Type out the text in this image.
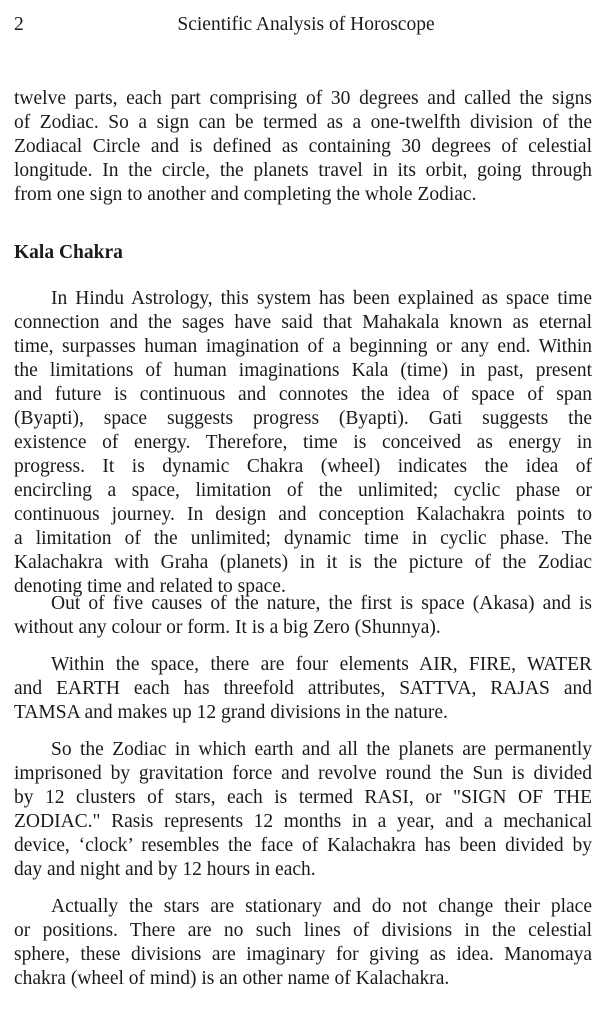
2	Scientific Analysis of Horoscope
twelve parts, each part comprising of 30 degrees and called the signs
of Zodiac. So a sign can be termed as a one-twelfth division of the
Zodiacal Circle and is defined as containing 30 degrees of celestial
longitude. In the circle, the planets travel in its orbit, going through
from one sign to another and completing the whole Zodiac.
Kala Chakra
In Hindu Astrology, this system has been explained as space time
connection and the sages have said that Mahakala known as eternal
time, surpasses human imagination of a beginning or any end. Within
the limitations of human imaginations Kala (time) in past, present
and future is continuous and connotes the idea of space of span
(Byapti), space suggests progress (Byapti). Gati suggests the
existence of energy. Therefore, time is conceived as energy in
progress. It is dynamic Chakra (wheel) indicates the idea of
encircling a space, limitation of the unlimited; cyclic phase or
continuous journey. In design and conception Kalachakra points to
a limitation of the unlimited; dynamic time in cyclic phase. The
Kalachakra with Graha (planets) in it is the picture of the Zodiac
denoting time and related to space.
Out of five causes of the nature, the first is space (Akasa) and is
without any colour or form. It is a big Zero (Shunnya).
Within the space, there are four elements AIR, FIRE, WATER
and EARTH each has threefold attributes, SATTVA, RAJAS and
TAMSA and makes up 12 grand divisions in the nature.
So the Zodiac in which earth and all the planets are permanently
imprisoned by gravitation force and revolve round the Sun is divided
by 12 clusters of stars, each is termed RASI, or "SIGN OF THE
ZODIAC." Rasis represents 12 months in a year, and a mechanical
device, ‘clock’ resembles the face of Kalachakra has been divided by
day and night and by 12 hours in each.
Actually the stars are stationary and do not change their place
or positions. There are no such lines of divisions in the celestial
sphere, these divisions are imaginary for giving as idea. Manomaya
chakra (wheel of mind) is an other name of Kalachakra.
